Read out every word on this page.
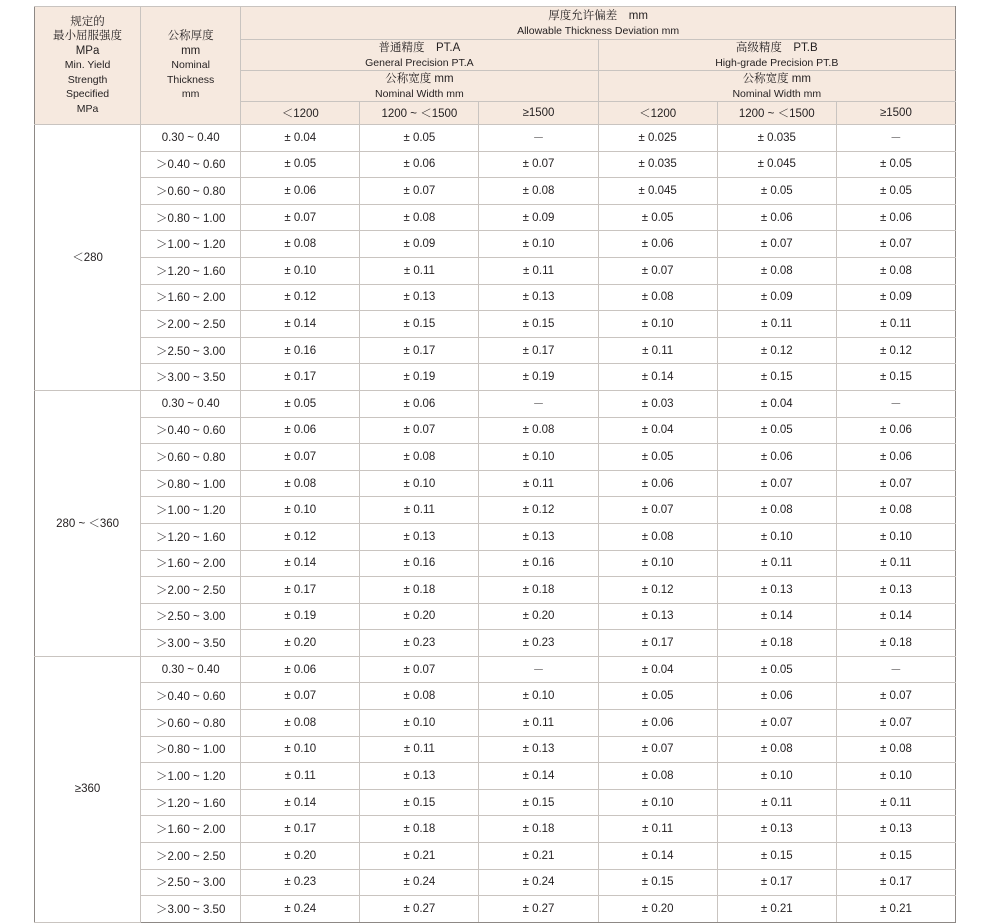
规定的
最小屈服强度
MPa
Min. Yield
Strength
Specified
MPa

公称厚度
mm
Nominal
Thickness
mm

厚度允许偏差　mm
Allowable Thickness Deviation mm

普通精度　PT.A
General Precision PT.A

高级精度　PT.B
High-grade Precision PT.B

公称宽度 mm
Nominal Width mm

公称宽度 mm
Nominal Width mm

		＜1200	1200 ~ ＜1500	≥1500	＜1200	1200 ~ ＜1500	≥1500
＜280	0.30 ~ 0.40	± 0.04	± 0.05	－	± 0.025	± 0.035	－
	＞0.40 ~ 0.60	± 0.05	± 0.06	± 0.07	± 0.035	± 0.045	± 0.05
	＞0.60 ~ 0.80	± 0.06	± 0.07	± 0.08	± 0.045	± 0.05	± 0.05
	＞0.80 ~ 1.00	± 0.07	± 0.08	± 0.09	± 0.05	± 0.06	± 0.06
	＞1.00 ~ 1.20	± 0.08	± 0.09	± 0.10	± 0.06	± 0.07	± 0.07
	＞1.20 ~ 1.60	± 0.10	± 0.11	± 0.11	± 0.07	± 0.08	± 0.08
	＞1.60 ~ 2.00	± 0.12	± 0.13	± 0.13	± 0.08	± 0.09	± 0.09
	＞2.00 ~ 2.50	± 0.14	± 0.15	± 0.15	± 0.10	± 0.11	± 0.11
	＞2.50 ~ 3.00	± 0.16	± 0.17	± 0.17	± 0.11	± 0.12	± 0.12
	＞3.00 ~ 3.50	± 0.17	± 0.19	± 0.19	± 0.14	± 0.15	± 0.15
280 ~ ＜360	0.30 ~ 0.40	± 0.05	± 0.06	－	± 0.03	± 0.04	－
	＞0.40 ~ 0.60	± 0.06	± 0.07	± 0.08	± 0.04	± 0.05	± 0.06
	＞0.60 ~ 0.80	± 0.07	± 0.08	± 0.10	± 0.05	± 0.06	± 0.06
	＞0.80 ~ 1.00	± 0.08	± 0.10	± 0.11	± 0.06	± 0.07	± 0.07
	＞1.00 ~ 1.20	± 0.10	± 0.11	± 0.12	± 0.07	± 0.08	± 0.08
	＞1.20 ~ 1.60	± 0.12	± 0.13	± 0.13	± 0.08	± 0.10	± 0.10
	＞1.60 ~ 2.00	± 0.14	± 0.16	± 0.16	± 0.10	± 0.11	± 0.11
	＞2.00 ~ 2.50	± 0.17	± 0.18	± 0.18	± 0.12	± 0.13	± 0.13
	＞2.50 ~ 3.00	± 0.19	± 0.20	± 0.20	± 0.13	± 0.14	± 0.14
	＞3.00 ~ 3.50	± 0.20	± 0.23	± 0.23	± 0.17	± 0.18	± 0.18
≥360	0.30 ~ 0.40	± 0.06	± 0.07	－	± 0.04	± 0.05	－
	＞0.40 ~ 0.60	± 0.07	± 0.08	± 0.10	± 0.05	± 0.06	± 0.07
	＞0.60 ~ 0.80	± 0.08	± 0.10	± 0.11	± 0.06	± 0.07	± 0.07
	＞0.80 ~ 1.00	± 0.10	± 0.11	± 0.13	± 0.07	± 0.08	± 0.08
	＞1.00 ~ 1.20	± 0.11	± 0.13	± 0.14	± 0.08	± 0.10	± 0.10
	＞1.20 ~ 1.60	± 0.14	± 0.15	± 0.15	± 0.10	± 0.11	± 0.11
	＞1.60 ~ 2.00	± 0.17	± 0.18	± 0.18	± 0.11	± 0.13	± 0.13
	＞2.00 ~ 2.50	± 0.20	± 0.21	± 0.21	± 0.14	± 0.15	± 0.15
	＞2.50 ~ 3.00	± 0.23	± 0.24	± 0.24	± 0.15	± 0.17	± 0.17
	＞3.00 ~ 3.50	± 0.24	± 0.27	± 0.27	± 0.20	± 0.21	± 0.21
